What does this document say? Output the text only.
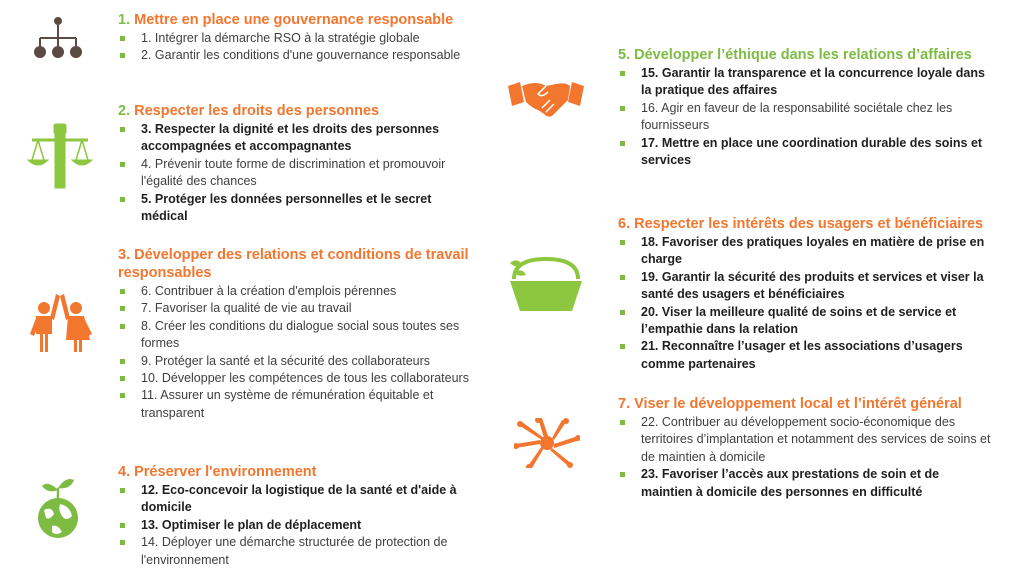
1. Mettre en place une gouvernance responsable
1. Intégrer la démarche RSO à la stratégie globale
2. Garantir les conditions d'une gouvernance responsable
2. Respecter les droits des personnes
3. Respecter la dignité et les droits des personnes accompagnées et accompagnantes
4. Prévenir toute forme de discrimination et promouvoir l'égalité des chances
5. Protéger les données personnelles et le secret médical
3. Développer des relations et conditions de travail responsables
6. Contribuer à la création d'emplois pérennes
7. Favoriser la qualité de vie au travail
8. Créer les conditions du dialogue social sous toutes ses formes
9. Protéger la santé et la sécurité des collaborateurs
10. Développer les compétences de tous les collaborateurs
11. Assurer un système de rémunération équitable et transparent
4. Préserver l'environnement
12. Eco-concevoir la logistique de la santé et d'aide à domicile
13. Optimiser le plan de déplacement
14. Déployer une démarche structurée de protection de l'environnement
5. Développer l’éthique dans les relations d’affaires
15. Garantir la transparence et la concurrence loyale dans la pratique des affaires
16. Agir en faveur de la responsabilité sociétale chez les fournisseurs
17. Mettre en place une coordination durable des soins et services
6. Respecter les intérêts des usagers et bénéficiaires
18. Favoriser des pratiques loyales en matière de prise en charge
19. Garantir la sécurité des produits et services et viser la santé des usagers et bénéficiaires
20. Viser la meilleure qualité de soins et de service et l’empathie dans la relation
21. Reconnaître l’usager et les associations d’usagers comme partenaires
7. Viser le développement local et l’intérêt général
22. Contribuer au développement socio-économique des territoires d’implantation et notamment des services de soins et de maintien à domicile
23. Favoriser l’accès aux prestations de soin et de maintien à domicile des personnes en difficulté
